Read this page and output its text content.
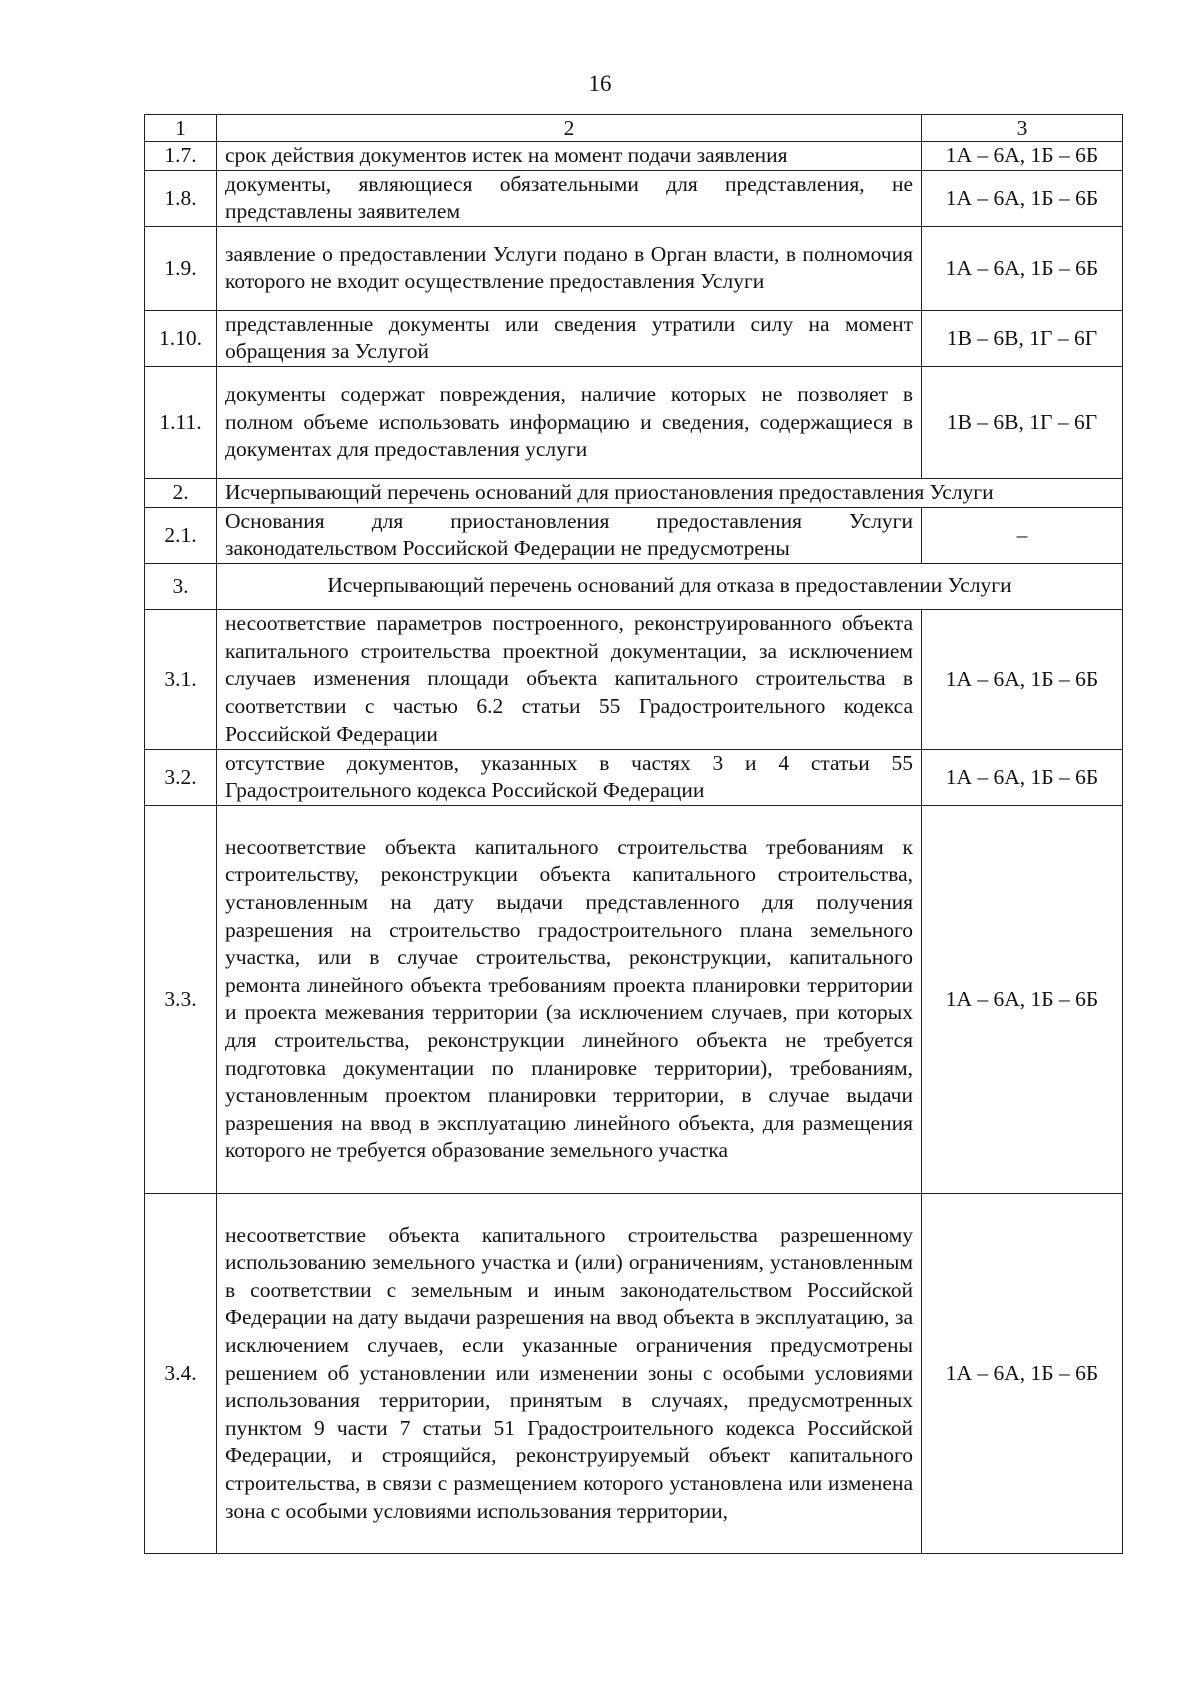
16
1	2	3
1.7.	срок действия документов истек на момент подачи заявления	1А – 6А, 1Б – 6Б
1.8.	документы, являющиеся обязательными для представления, не представлены заявителем	1А – 6А, 1Б – 6Б
1.9.	заявление о предоставлении Услуги подано в Орган власти, в полномочия которого не входит осуществление предоставления Услуги	1А – 6А, 1Б – 6Б
1.10.	представленные документы или сведения утратили силу на момент обращения за Услугой	1В – 6В, 1Г – 6Г
1.11.	документы содержат повреждения, наличие которых не позволяет в полном объеме использовать информацию и сведения, содержащиеся в документах для предоставления услуги	1В – 6В, 1Г – 6Г
2.	Исчерпывающий перечень оснований для приостановления предоставления Услуги	
2.1.	Основания для приостановления предоставления Услуги законодательством Российской Федерации не предусмотрены	–
3.	Исчерпывающий перечень оснований для отказа в предоставлении Услуги	
3.1.	несоответствие параметров построенного, реконструированного объекта капитального строительства проектной документации, за исключением случаев изменения площади объекта капитального строительства в соответствии с частью 6.2 статьи 55 Градостроительного кодекса Российской Федерации	1А – 6А, 1Б – 6Б
3.2.	отсутствие документов, указанных в частях 3 и 4 статьи 55 Градостроительного кодекса Российской Федерации	1А – 6А, 1Б – 6Б
3.3.	несоответствие объекта капитального строительства требованиям к строительству, реконструкции объекта капитального строительства, установленным на дату выдачи представленного для получения разрешения на строительство градостроительного плана земельного участка, или в случае строительства, реконструкции, капитального ремонта линейного объекта требованиям проекта планировки территории и проекта межевания территории (за исключением случаев, при которых для строительства, реконструкции линейного объекта не требуется подготовка документации по планировке территории), требованиям, установленным проектом планировки территории, в случае выдачи разрешения на ввод в эксплуатацию линейного объекта, для размещения которого не требуется образование земельного участка	1А – 6А, 1Б – 6Б
3.4.	несоответствие объекта капитального строительства разрешенному использованию земельного участка и (или) ограничениям, установленным в соответствии с земельным и иным законодательством Российской Федерации на дату выдачи разрешения на ввод объекта в эксплуатацию, за исключением случаев, если указанные ограничения предусмотрены решением об установлении или изменении зоны с особыми условиями использования территории, принятым в случаях, предусмотренных пунктом 9 части 7 статьи 51 Градостроительного кодекса Российской Федерации, и строящийся, реконструируемый объект капитального строительства, в связи с размещением которого установлена или изменена зона с особыми условиями использования территории,	1А – 6А, 1Б – 6Б
